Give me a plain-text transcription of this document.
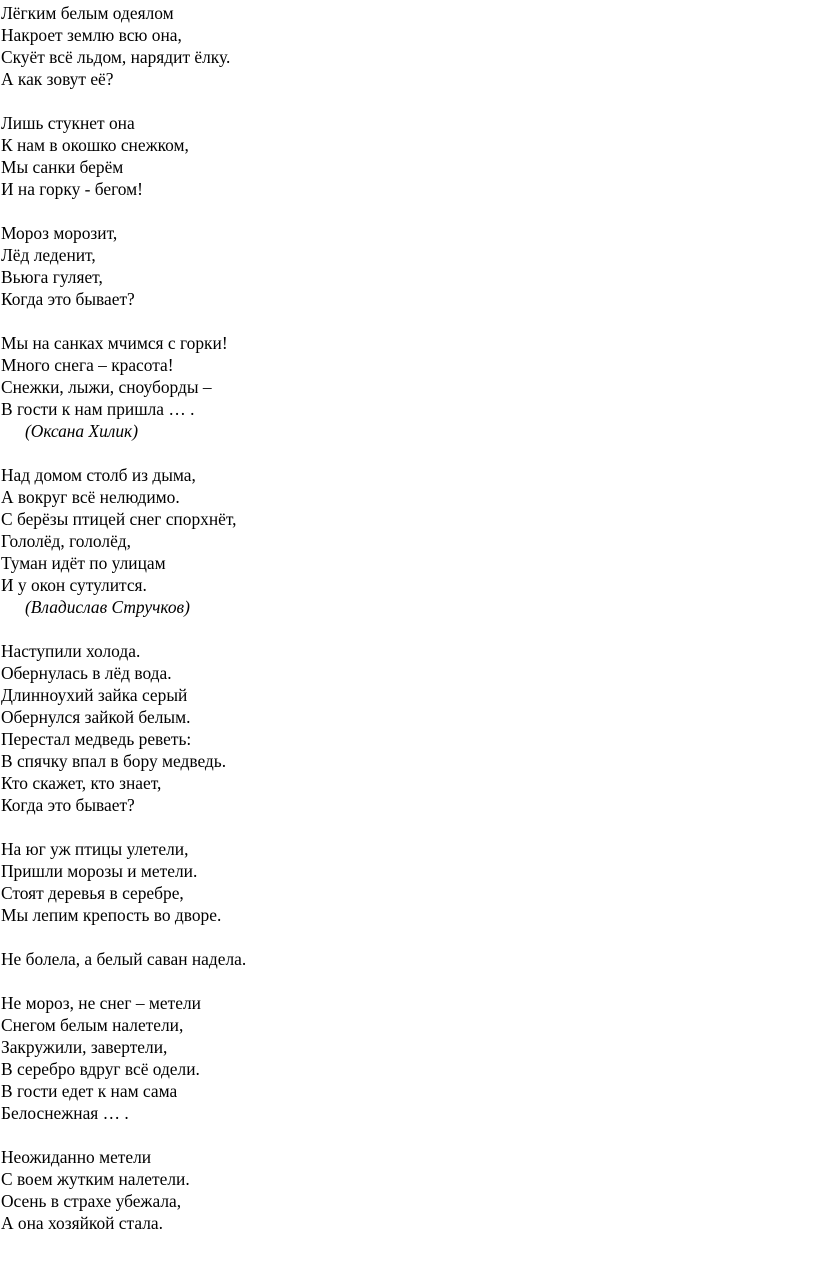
Лёгким белым одеялом
Накроет землю всю она,
Скуёт всё льдом, нарядит ёлку.
А как зовут её?
Лишь стукнет она
К нам в окошко снежком,
Мы санки берём
И на горку - бегом!
Мороз морозит,
Лёд леденит,
Вьюга гуляет,
Когда это бывает?
Мы на санках мчимся с горки!
Много снега – красота!
Снежки, лыжи, сноуборды –
В гости к нам пришла … .
(Оксана Хилик)
Над домом столб из дыма,
А вокруг всё нелюдимо.
С берёзы птицей снег спорхнёт,
Гололёд, гололёд,
Туман идёт по улицам
И у окон сутулится.
(Владислав Стручков)
Наступили холода.
Обернулась в лёд вода.
Длинноухий зайка серый
Обернулся зайкой белым.
Перестал медведь реветь:
В спячку впал в бору медведь.
Кто скажет, кто знает,
Когда это бывает?
На юг уж птицы улетели,
Пришли морозы и метели.
Стоят деревья в серебре,
Мы лепим крепость во дворе.
Не болела, а белый саван надела.
Не мороз, не снег – метели
Снегом белым налетели,
Закружили, завертели,
В серебро вдруг всё одели.
В гости едет к нам сама
Белоснежная … .
Неожиданно метели
С воем жутким налетели.
Осень в страхе убежала,
А она хозяйкой стала.
